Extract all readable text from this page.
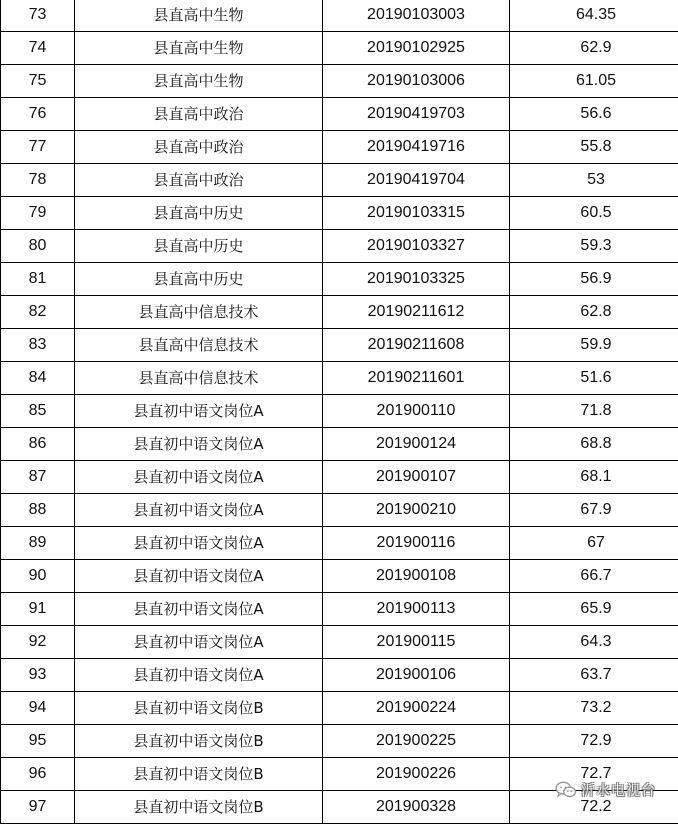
73	县直高中生物	20190103003	64.35
74	县直高中生物	20190102925	62.9
75	县直高中生物	20190103006	61.05
76	县直高中政治	20190419703	56.6
77	县直高中政治	20190419716	55.8
78	县直高中政治	20190419704	53
79	县直高中历史	20190103315	60.5
80	县直高中历史	20190103327	59.3
81	县直高中历史	20190103325	56.9
82	县直高中信息技术	20190211612	62.8
83	县直高中信息技术	20190211608	59.9
84	县直高中信息技术	20190211601	51.6
85	县直初中语文岗位A	201900110	71.8
86	县直初中语文岗位A	201900124	68.8
87	县直初中语文岗位A	201900107	68.1
88	县直初中语文岗位A	201900210	67.9
89	县直初中语文岗位A	201900116	67
90	县直初中语文岗位A	201900108	66.7
91	县直初中语文岗位A	201900113	65.9
92	县直初中语文岗位A	201900115	64.3
93	县直初中语文岗位A	201900106	63.7
94	县直初中语文岗位B	201900224	73.2
95	县直初中语文岗位B	201900225	72.9
96	县直初中语文岗位B	201900226	72.7
97	县直初中语文岗位B	201900328	72.2
沂水电视台
